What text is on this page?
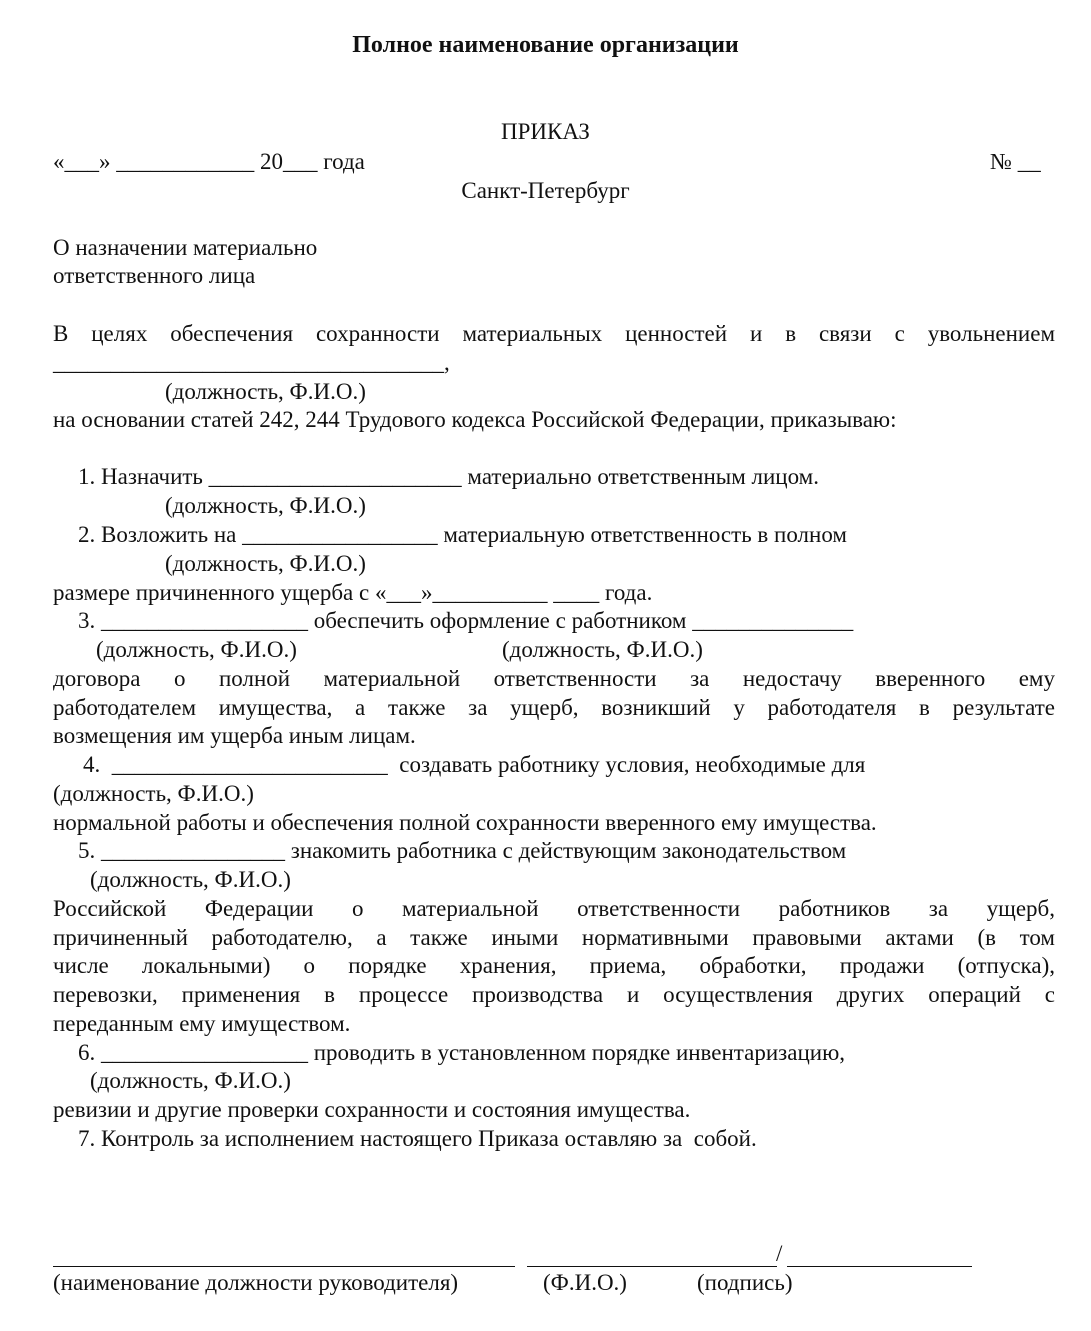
Полное наименование организации
ПРИКАЗ
«___» ____________ 20___ года	№ __
Санкт-Петербург
О назначении материально
ответственного лица
В целях обеспечения сохранности материальных ценностей и в связи с увольнением
__________________________________,
(должность, Ф.И.О.)
на основании статей 242, 244 Трудового кодекса Российской Федерации, приказываю:
1. Назначить ______________________ материально ответственным лицом.
(должность, Ф.И.О.)
2. Возложить на _________________ материальную ответственность в полном
(должность, Ф.И.О.)
размере причиненного ущерба с «___»__________ ____ года.
3. __________________ обеспечить оформление с работником ______________
(должность, Ф.И.О.)	(должность, Ф.И.О.)
договора о полной материальной ответственности за недостачу вверенного ему
работодателем имущества, а также за ущерб, возникший у работодателя в результате
возмещения им ущерба иным лицам.
4.  ________________________  создавать работнику условия, необходимые для
(должность, Ф.И.О.)
нормальной работы и обеспечения полной сохранности вверенного ему имущества.
5. ________________ знакомить работника с действующим законодательством
(должность, Ф.И.О.)
Российской Федерации о материальной ответственности работников за ущерб,
причиненный работодателю, а также иными нормативными правовыми актами (в том
числе локальными) о порядке хранения, приема, обработки, продажи (отпуска),
перевозки, применения в процессе производства и осуществления других операций с
переданным ему имуществом.
6. __________________ проводить в установленном порядке инвентаризацию,
(должность, Ф.И.О.)
ревизии и другие проверки сохранности и состояния имущества.
7. Контроль за исполнением настоящего Приказа оставляю за  собой.
/
(наименование должности руководителя)	(Ф.И.О.)	(подпись)
